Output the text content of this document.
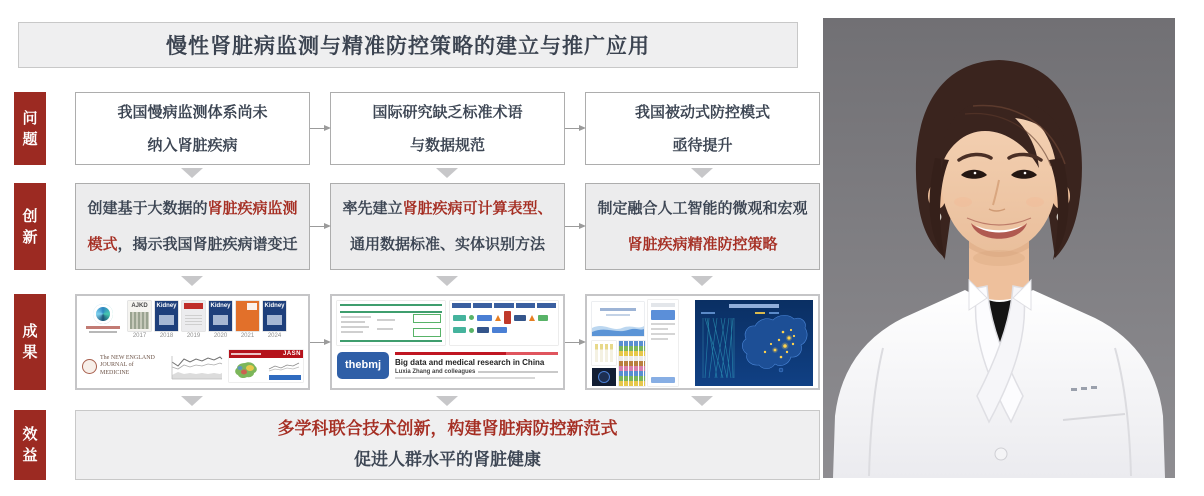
慢性肾脏病监测与精准防控策略的建立与推广应用
问题
创新
成果
效益
我国慢病监测体系尚未
纳入肾脏疾病
国际研究缺乏标准术语
与数据规范
我国被动式防控模式
亟待提升
创建基于大数据的肾脏疾病监测
模式，揭示我国肾脏疾病谱变迁
率先建立肾脏疾病可计算表型、
通用数据标准、实体识别方法
制定融合人工智能的微观和宏观
肾脏疾病精准防控策略
AJKD
2017
Kidney
2018 2019
Kidney
2020 2021
Kidney
2024
The NEW ENGLAND JOURNAL of MEDICINE
JASN
thebmj Big data and medical research in China
Luxia Zhang and colleagues
多学科联合技术创新，构建肾脏病防控新范式
促进人群水平的肾脏健康
